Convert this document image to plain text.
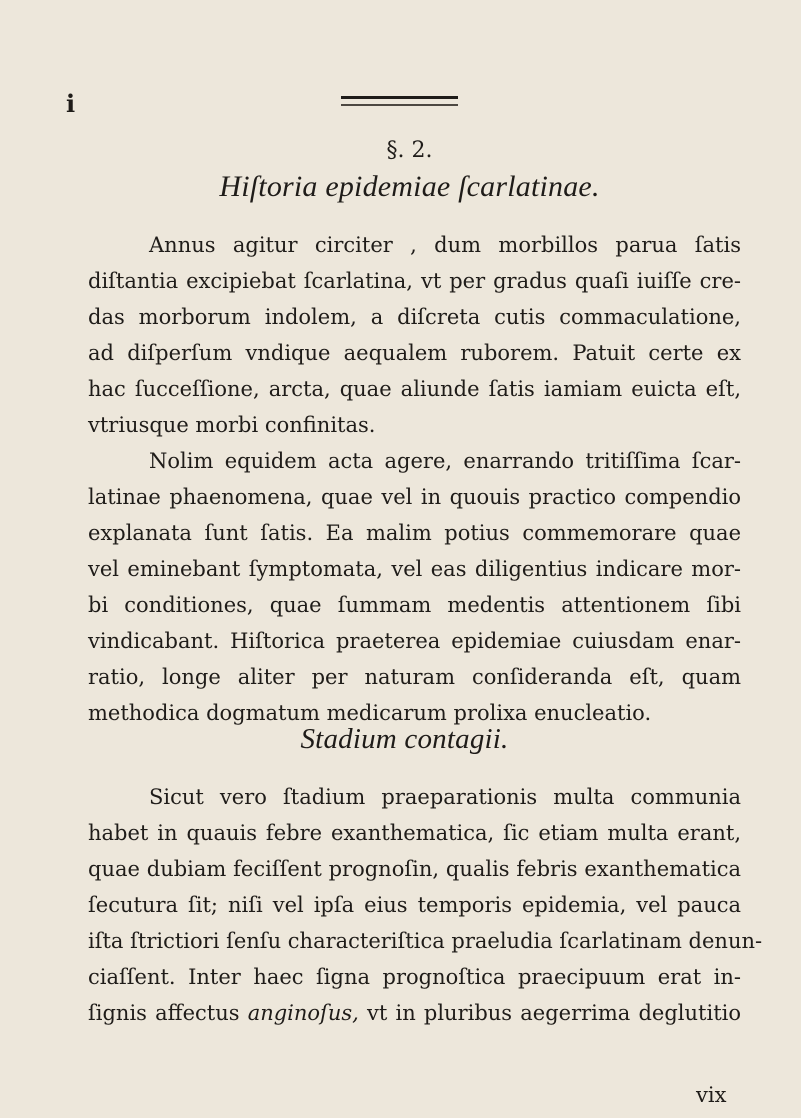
i
§. 2.
Hiſtoria epidemiae ſcarlatinae.
Annus agitur circiter , dum morbillos parua ſatis
diſtantia excipiebat ſcarlatina, vt per gradus quaſi iuiſſe cre-
das morborum indolem, a diſcreta cutis commaculatione,
ad diſperſum vndique aequalem ruborem. Patuit certe ex
hac ſucceſſione, arcta, quae aliunde ſatis iamiam euicta eſt,
vtriusque morbi confinitas.
Nolim equidem acta agere, enarrando tritiſſima ſcar-
latinae phaenomena, quae vel in quouis practico compendio
explanata ſunt ſatis. Ea malim potius commemorare quae
vel eminebant ſymptomata, vel eas diligentius indicare mor-
bi conditiones, quae ſummam medentis attentionem ſibi
vindicabant. Hiſtorica praeterea epidemiae cuiusdam enar-
ratio, longe aliter per naturam conſideranda eſt, quam
methodica dogmatum medicarum prolixa enucleatio.
Stadium contagii.
Sicut vero ſtadium praeparationis multa communia
habet in quauis febre exanthematica, ſic etiam multa erant,
quae dubiam feciſſent prognoſin, qualis febris exanthematica
ſecutura ſit; niſi vel ipſa eius temporis epidemia, vel pauca
iſta ſtrictiori ſenſu characteriſtica praeludia ſcarlatinam denun-
ciaſſent. Inter haec ſigna prognoſtica praecipuum erat in-
ſignis affectus anginoſus, vt in pluribus aegerrima deglutitio
vix
